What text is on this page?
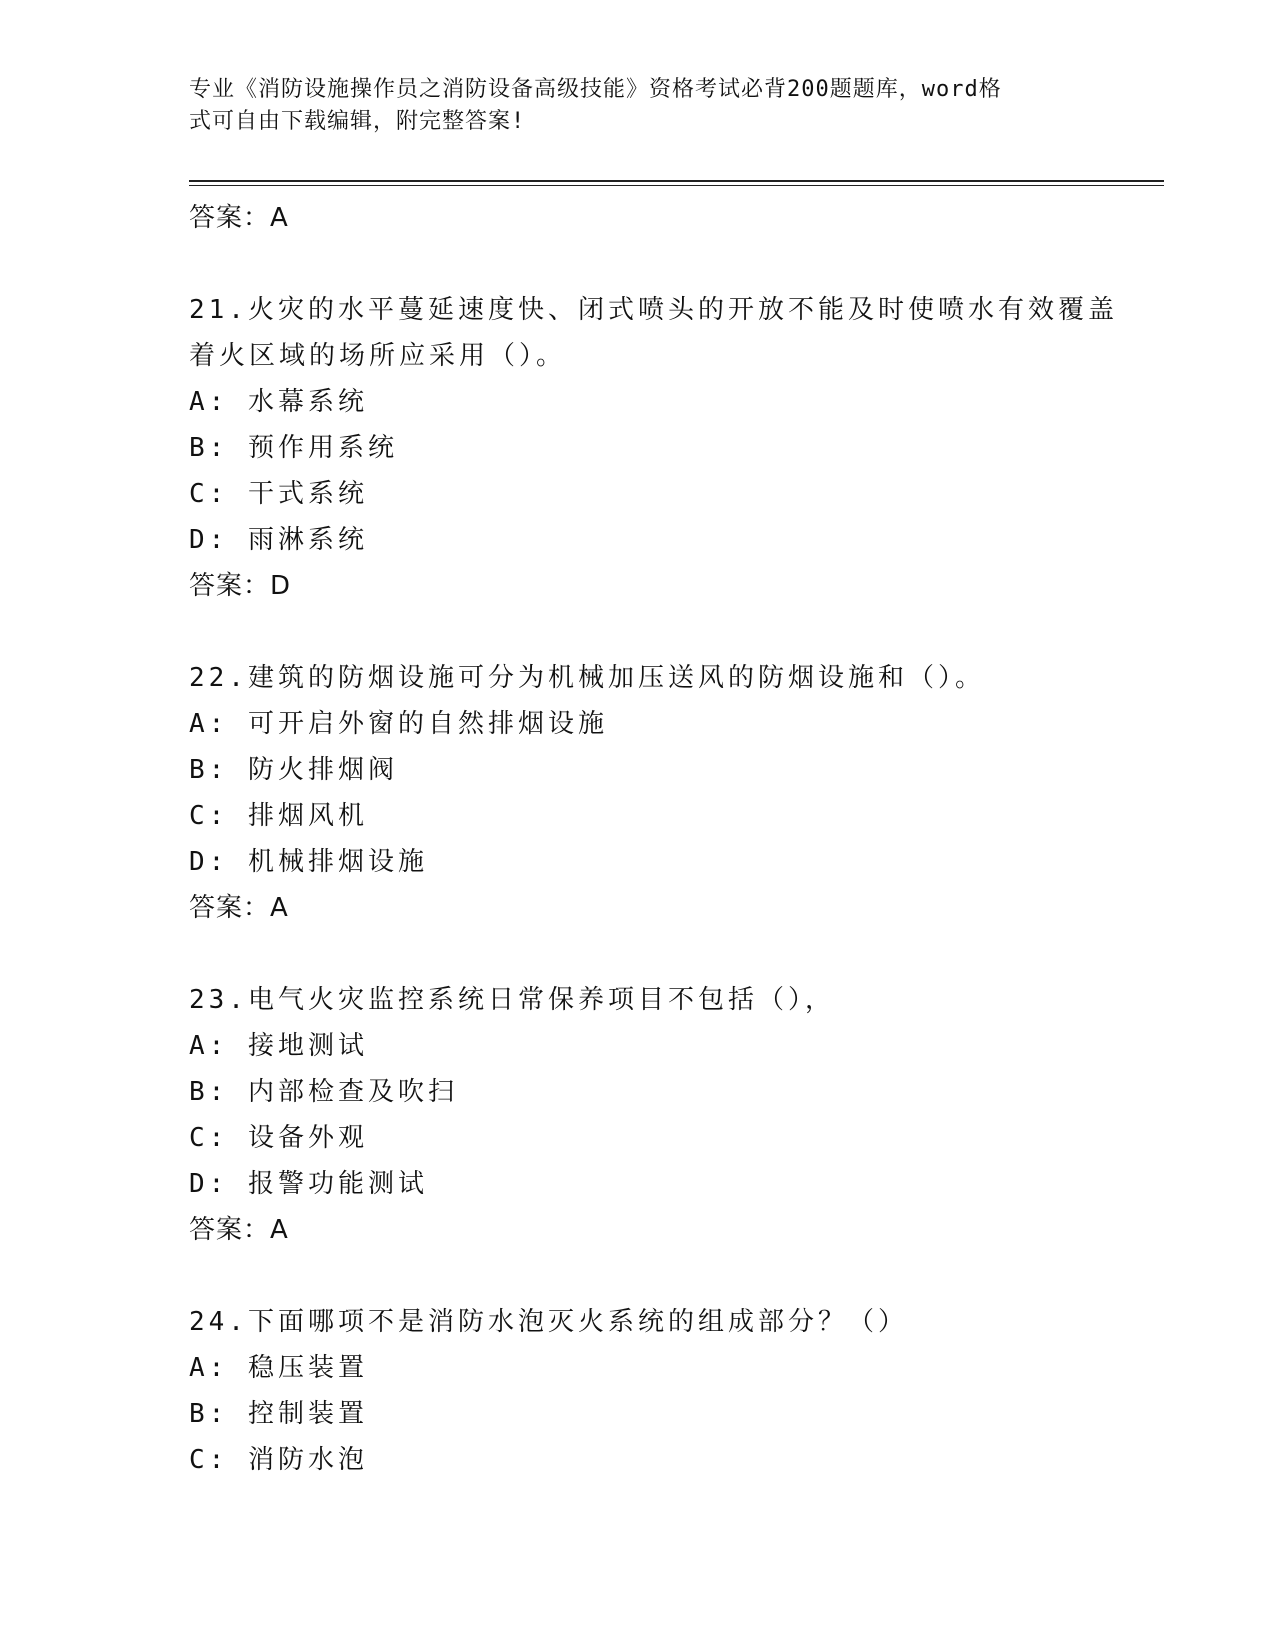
专业《消防设施操作员之消防设备高级技能》资格考试必背200题题库，word格
式可自由下载编辑，附完整答案!
答案：A
21.火灾的水平蔓延速度快、闭式喷头的开放不能及时使喷水有效覆盖
着火区域的场所应采用（）。
A: 水幕系统
B: 预作用系统
C: 干式系统
D: 雨淋系统
答案：D
22.建筑的防烟设施可分为机械加压送风的防烟设施和（）。
A: 可开启外窗的自然排烟设施
B: 防火排烟阀
C: 排烟风机
D: 机械排烟设施
答案：A
23.电气火灾监控系统日常保养项目不包括（），
A: 接地测试
B: 内部检查及吹扫
C: 设备外观
D: 报警功能测试
答案：A
24.下面哪项不是消防水泡灭火系统的组成部分？（）
A: 稳压装置
B: 控制装置
C: 消防水泡
